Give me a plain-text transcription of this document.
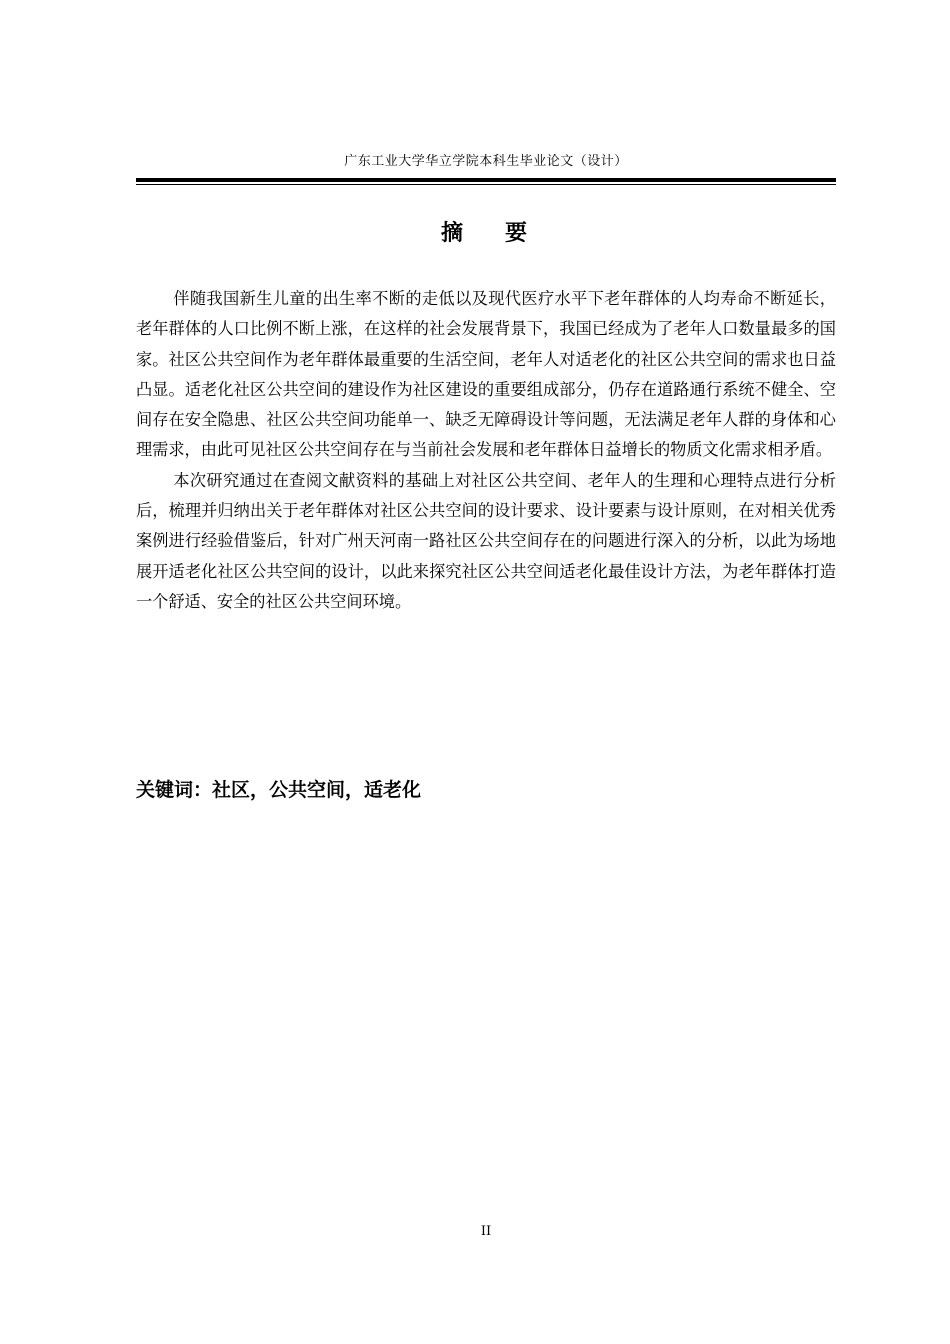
广东工业大学华立学院本科生毕业论文（设计）
摘 要

伴随我国新生儿童的出生率不断的走低以及现代医疗水平下老年群体的人均寿命不断延长，老年群体的人口比例不断上涨，在这样的社会发展背景下，我国已经成为了老年人口数量最多的国家。社区公共空间作为老年群体最重要的生活空间，老年人对适老化的社区公共空间的需求也日益凸显。适老化社区公共空间的建设作为社区建设的重要组成部分，仍存在道路通行系统不健全、空间存在安全隐患、社区公共空间功能单一、缺乏无障碍设计等问题，无法满足老年人群的身体和心理需求，由此可见社区公共空间存在与当前社会发展和老年群体日益增长的物质文化需求相矛盾。

本次研究通过在查阅文献资料的基础上对社区公共空间、老年人的生理和心理特点进行分析后，梳理并归纳出关于老年群体对社区公共空间的设计要求、设计要素与设计原则，在对相关优秀案例进行经验借鉴后，针对广州天河南一路社区公共空间存在的问题进行深入的分析，以此为场地展开适老化社区公共空间的设计，以此来探究社区公共空间适老化最佳设计方法，为老年群体打造一个舒适、安全的社区公共空间环境。

关键词：社区，公共空间，适老化
II
